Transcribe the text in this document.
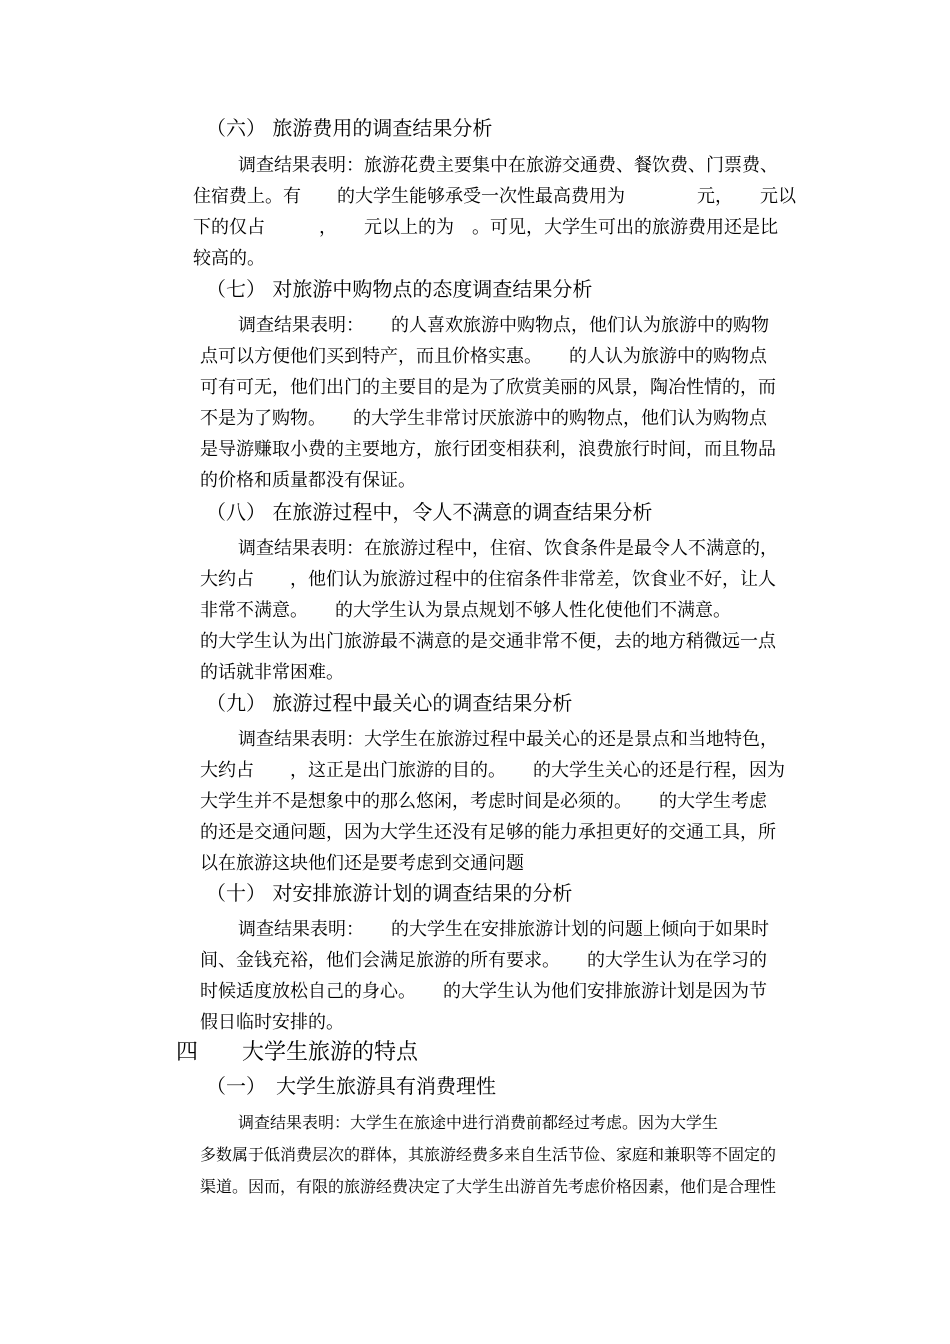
（六） 旅游费用的调查结果分析
调查结果表明：旅游花费主要集中在旅游交通费、餐饮费、门票费、
住宿费上。有　　的大学生能够承受一次性最高费用为　　　　元，　　元以
下的仅占　　　，　　元以上的为　。可见，大学生可出的旅游费用还是比
较高的。
（七） 对旅游中购物点的态度调查结果分析
调查结果表明：　　的人喜欢旅游中购物点，他们认为旅游中的购物
点可以方便他们买到特产，而且价格实惠。　　的人认为旅游中的购物点
可有可无，他们出门的主要目的是为了欣赏美丽的风景，陶冶性情的，而
不是为了购物。　　的大学生非常讨厌旅游中的购物点，他们认为购物点
是导游赚取小费的主要地方，旅行团变相获利，浪费旅行时间，而且物品
的价格和质量都没有保证。
（八） 在旅游过程中，令人不满意的调查结果分析
调查结果表明：在旅游过程中，住宿、饮食条件是最令人不满意的，
大约占　　，他们认为旅游过程中的住宿条件非常差，饮食业不好，让人
非常不满意。　　的大学生认为景点规划不够人性化使他们不满意。
的大学生认为出门旅游最不满意的是交通非常不便，去的地方稍微远一点
的话就非常困难。
（九） 旅游过程中最关心的调查结果分析
调查结果表明：大学生在旅游过程中最关心的还是景点和当地特色，
大约占　　，这正是出门旅游的目的。　　的大学生关心的还是行程，因为
大学生并不是想象中的那么悠闲，考虑时间是必须的。　　的大学生考虑
的还是交通问题，因为大学生还没有足够的能力承担更好的交通工具，所
以在旅游这块他们还是要考虑到交通问题
（十） 对安排旅游计划的调查结果的分析
调查结果表明：　　的大学生在安排旅游计划的问题上倾向于如果时
间、金钱充裕，他们会满足旅游的所有要求。　　的大学生认为在学习的
时候适度放松自己的身心。　　的大学生认为他们安排旅游计划是因为节
假日临时安排的。
四　　大学生旅游的特点
（一）　大学生旅游具有消费理性
调查结果表明：大学生在旅途中进行消费前都经过考虑。因为大学生
多数属于低消费层次的群体，其旅游经费多来自生活节俭、家庭和兼职等不固定的
渠道。因而，有限的旅游经费决定了大学生出游首先考虑价格因素，他们是合理性
